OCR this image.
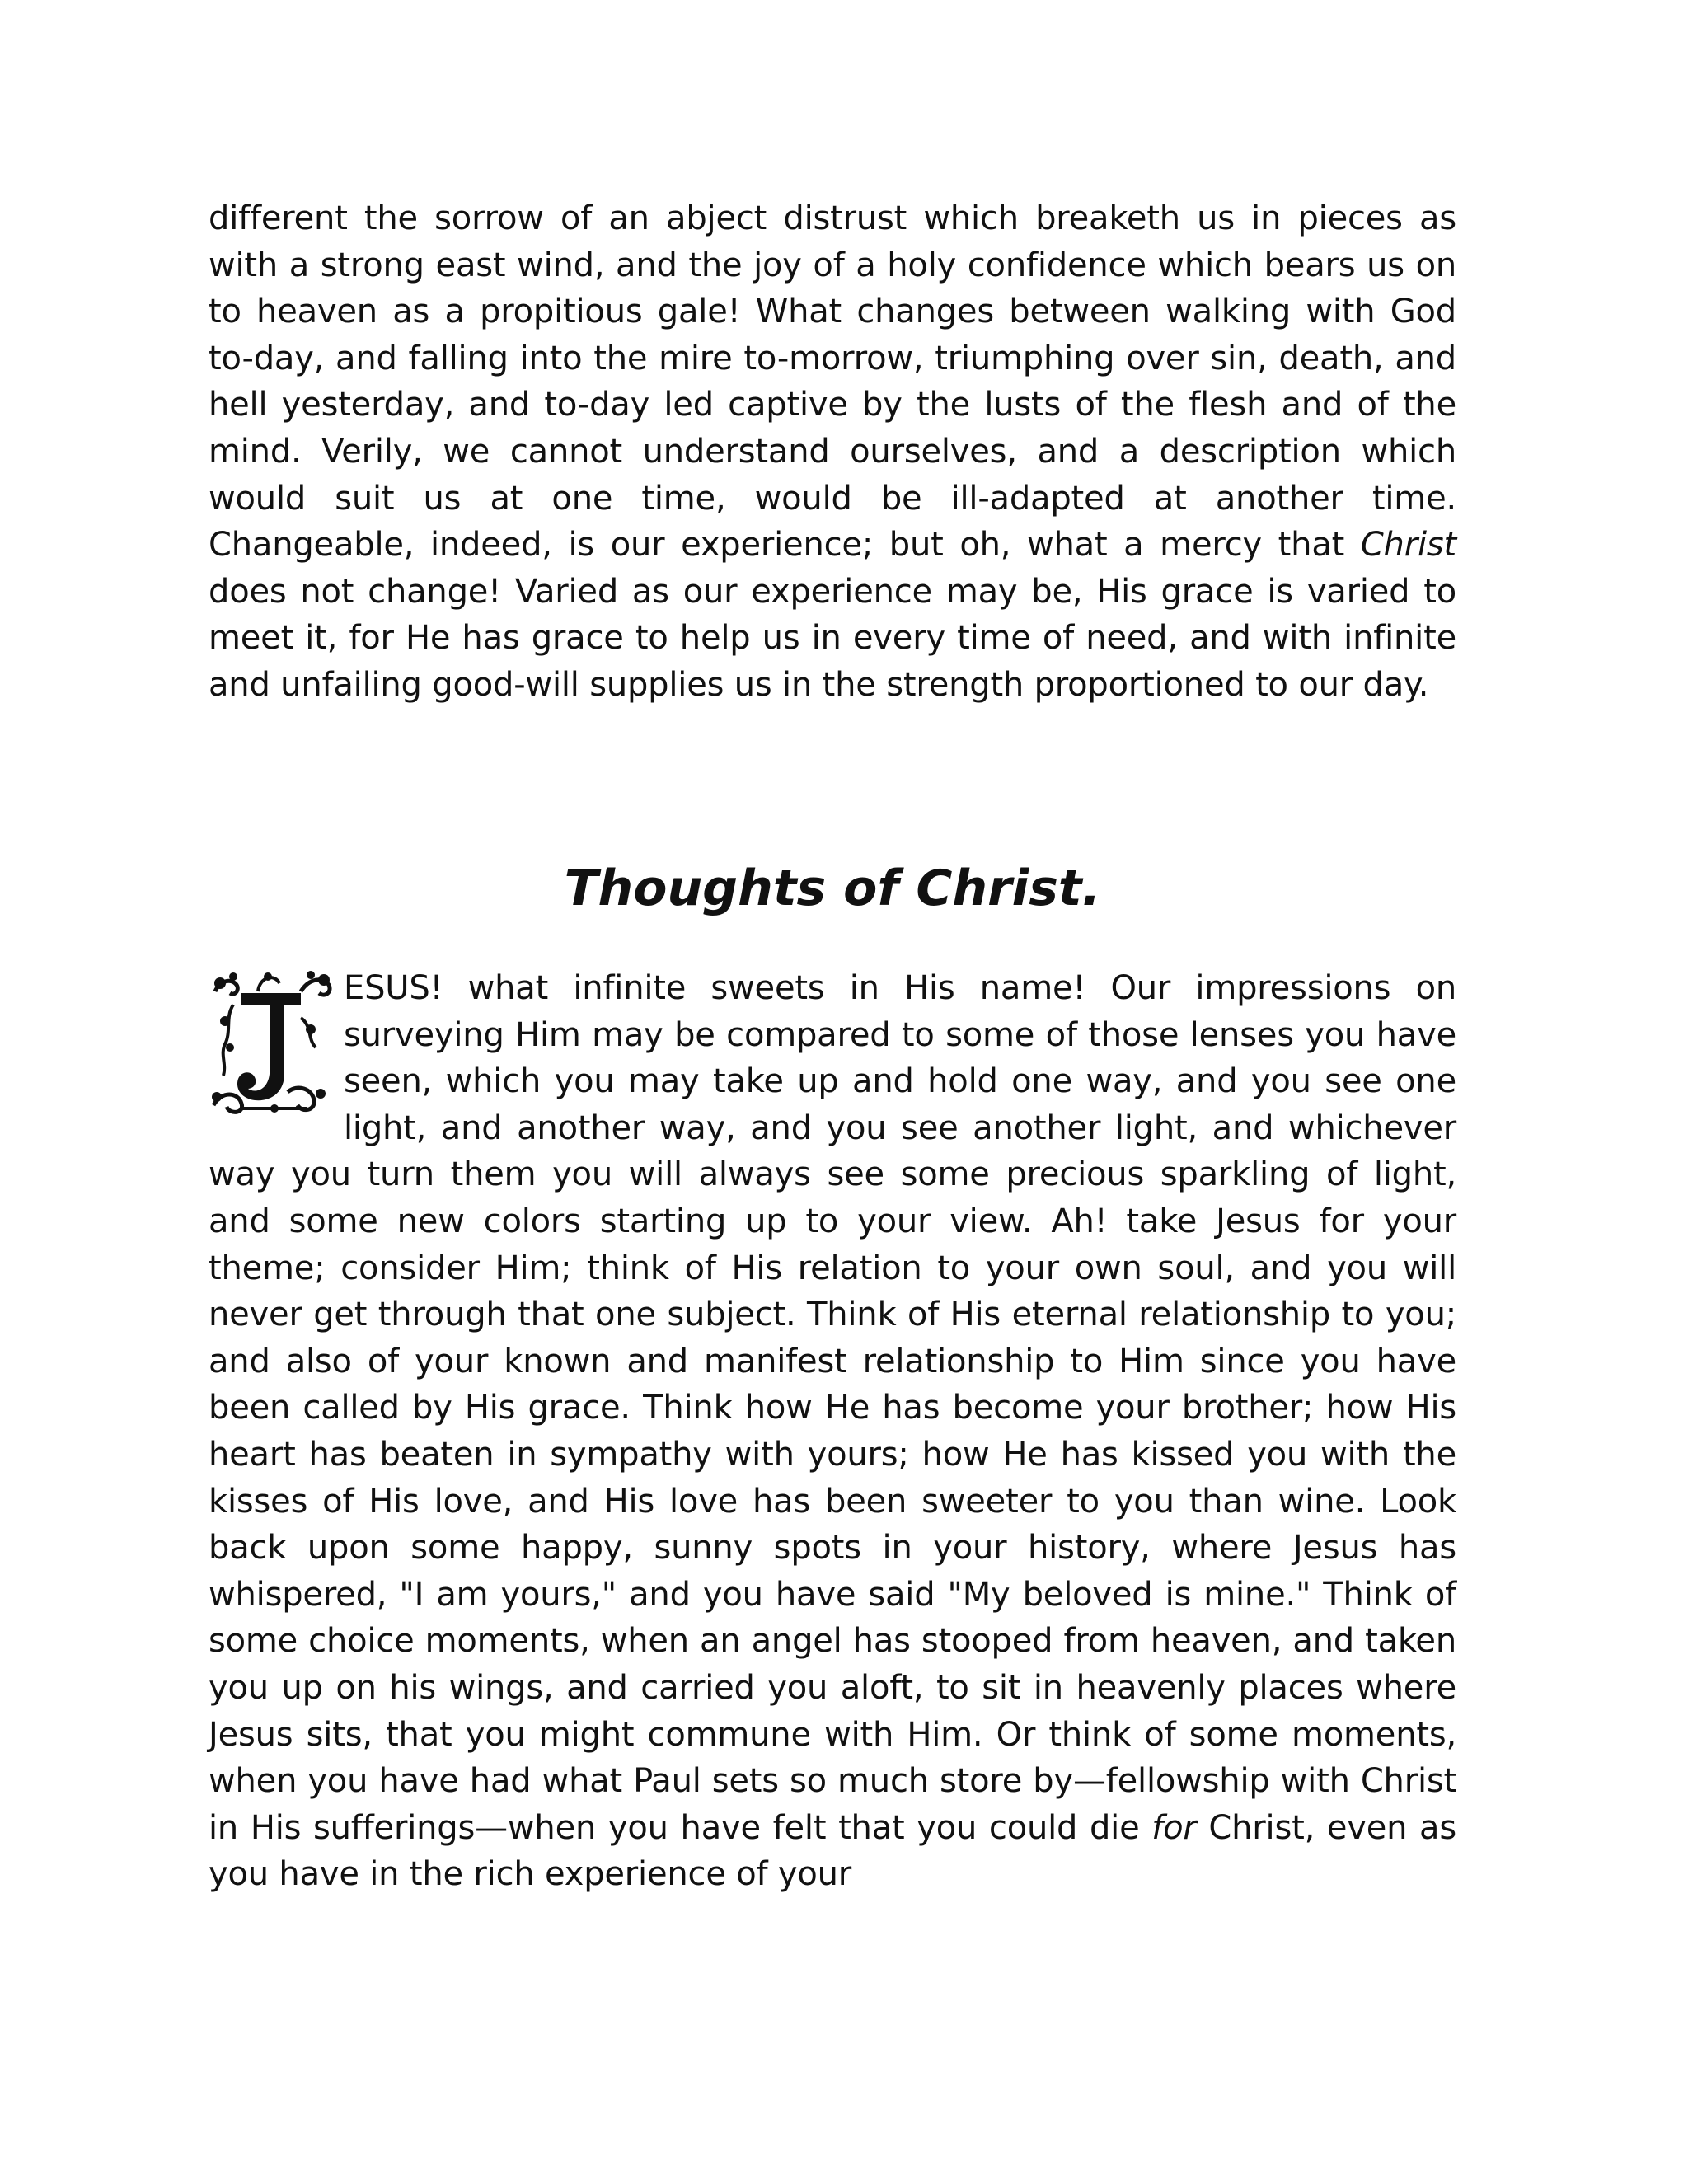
different the sorrow of an abject distrust which breaketh us in pieces as with a strong east wind, and the joy of a holy confidence which bears us on to heaven as a propitious gale! What changes between walking with God to-day, and falling into the mire to-morrow, triumphing over sin, death, and hell yesterday, and to-day led captive by the lusts of the flesh and of the mind. Verily, we cannot understand ourselves, and a description which would suit us at one time, would be ill-adapted at another time. Changeable, indeed, is our experience; but oh, what a mercy that Christ does not change! Varied as our experience may be, His grace is varied to meet it, for He has grace to help us in every time of need, and with infinite and unfailing good-will supplies us in the strength proportioned to our day.

Thoughts of Christ.

ESUS! what infinite sweets in His name! Our impressions on surveying Him may be compared to some of those lenses you have seen, which you may take up and hold one way, and you see one light, and another way, and you see another light, and whichever way you turn them you will always see some precious sparkling of light, and some new colors starting up to your view. Ah! take Jesus for your theme; consider Him; think of His relation to your own soul, and you will never get through that one subject. Think of His eternal relationship to you; and also of your known and manifest relationship to Him since you have been called by His grace. Think how He has become your brother; how His heart has beaten in sympathy with yours; how He has kissed you with the kisses of His love, and His love has been sweeter to you than wine. Look back upon some happy, sunny spots in your history, where Jesus has whispered, "I am yours," and you have said "My beloved is mine." Think of some choice moments, when an angel has stooped from heaven, and taken you up on his wings, and carried you aloft, to sit in heavenly places where Jesus sits, that you might commune with Him. Or think of some moments, when you have had what Paul sets so much store by—fellowship with Christ in His sufferings—when you have felt that you could die for Christ, even as you have in the rich experience of your
